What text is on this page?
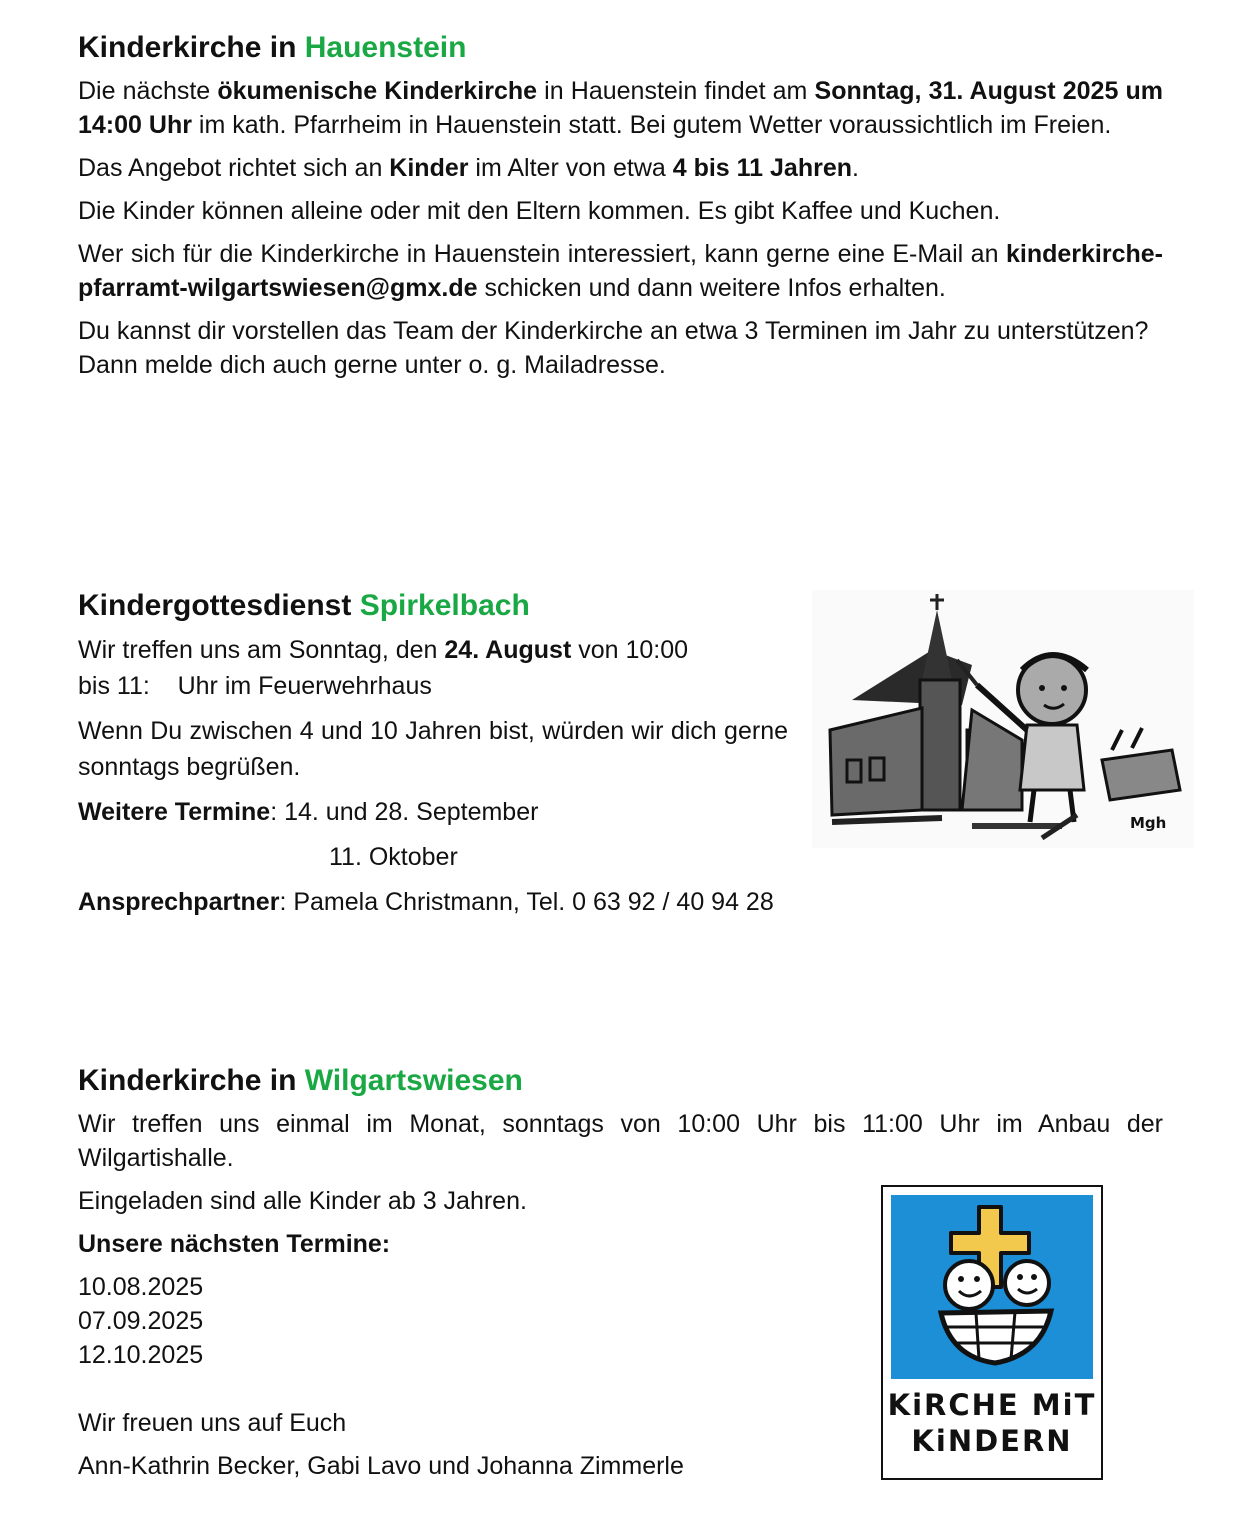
Kinderkirche in Hauenstein

Die nächste ökumenische Kinderkirche in Hauenstein findet am Sonntag, 31. August 2025 um 14:00 Uhr im kath. Pfarrheim in Hauenstein statt. Bei gutem Wetter voraussichtlich im Freien.

Das Angebot richtet sich an Kinder im Alter von etwa 4 bis 11 Jahren.

Die Kinder können alleine oder mit den Eltern kommen. Es gibt Kaffee und Kuchen.

Wer sich für die Kinderkirche in Hauenstein interessiert, kann gerne eine E-Mail an kinderkirche-pfarramt-wilgartswiesen@gmx.de schicken und dann weitere Infos erhalten.

Du kannst dir vorstellen das Team der Kinderkirche an etwa 3 Terminen im Jahr zu unterstützen? Dann melde dich auch gerne unter o. g. Mailadresse.

Kindergottesdienst Spirkelbach

Wir treffen uns am Sonntag, den 24. August von 10:00
bis 11:    Uhr im Feuerwehrhaus

Wenn Du zwischen 4 und 10 Jahren bist, würden wir dich gerne sonntags begrüßen.

Weitere Termine: 14. und 28. September

11. Oktober

Ansprechpartner: Pamela Christmann, Tel. 0 63 92 / 40 94 28

Mgh
Kinderkirche in Wilgartswiesen

Wir treffen uns einmal im Monat, sonntags von 10:00 Uhr bis 11:00 Uhr im Anbau der Wilgartishalle.

Eingeladen sind alle Kinder ab 3 Jahren.

Unsere nächsten Termine:

10.08.2025

07.09.2025

12.10.2025

Wir freuen uns auf Euch

Ann-Kathrin Becker, Gabi Lavo und Johanna Zimmerle

KiRCHE MiT
KiNDERN
